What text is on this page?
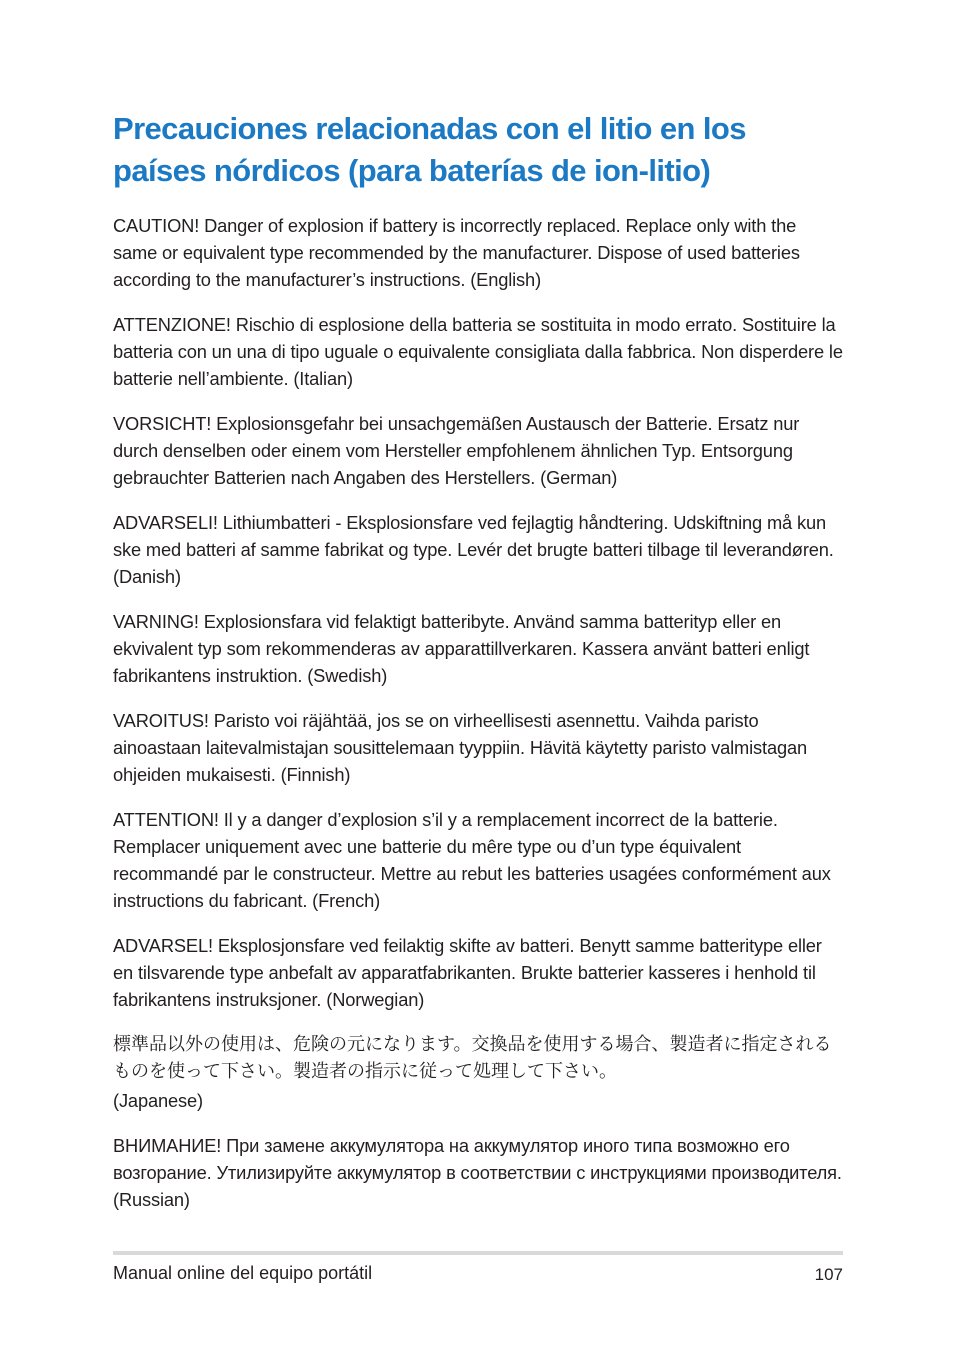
Precauciones relacionadas con el litio en los países nórdicos (para baterías de ion-litio)

CAUTION! Danger of explosion if battery is incorrectly replaced. Replace only with the same or equivalent type recommended by the manufacturer. Dispose of used batteries according to the manufacturer’s instructions. (English)

ATTENZIONE! Rischio di esplosione della batteria se sostituita in modo errato. Sostituire la batteria con un una di tipo uguale o equivalente consigliata dalla fabbrica. Non disperdere le batterie nell’ambiente. (Italian)

VORSICHT! Explosionsgefahr bei unsachgemäßen Austausch der Batterie. Ersatz nur durch denselben oder einem vom Hersteller empfohlenem ähnlichen Typ. Entsorgung gebrauchter Batterien nach Angaben des Herstellers. (German)

ADVARSELI! Lithiumbatteri - Eksplosionsfare ved fejlagtig håndtering. Udskiftning må kun ske med batteri af samme fabrikat og type. Levér det brugte batteri tilbage til leverandøren. (Danish)

VARNING! Explosionsfara vid felaktigt batteribyte. Använd samma batterityp eller en ekvivalent typ som rekommenderas av apparattillverkaren. Kassera använt batteri enligt fabrikantens instruktion. (Swedish)

VAROITUS! Paristo voi räjähtää, jos se on virheellisesti asennettu. Vaihda paristo ainoastaan laitevalmistajan sousittelemaan tyyppiin. Hävitä käytetty paristo valmistagan ohjeiden mukaisesti. (Finnish)

ATTENTION! Il y a danger d’explosion s’il y a remplacement incorrect de la batterie. Remplacer uniquement avec une batterie du mêre type ou d’un type équivalent recommandé par le constructeur. Mettre au rebut les batteries usagées conformément aux instructions du fabricant. (French)

ADVARSEL! Eksplosjonsfare ved feilaktig skifte av batteri. Benytt samme batteritype eller en tilsvarende type anbefalt av apparatfabrikanten. Brukte batterier kasseres i henhold til fabrikantens instruksjoner. (Norwegian)

標準品以外の使用は、危険の元になります。交換品を使用する場合、製造者に指定されるものを使って下さい。製造者の指示に従って処理して下さい。

(Japanese)

ВНИМАНИЕ! При замене аккумулятора на аккумулятор иного типа возможно его возгорание. Утилизируйте аккумулятор в соответствии с инструкциями производителя. (Russian)

Manual online del equipo portátil	107
